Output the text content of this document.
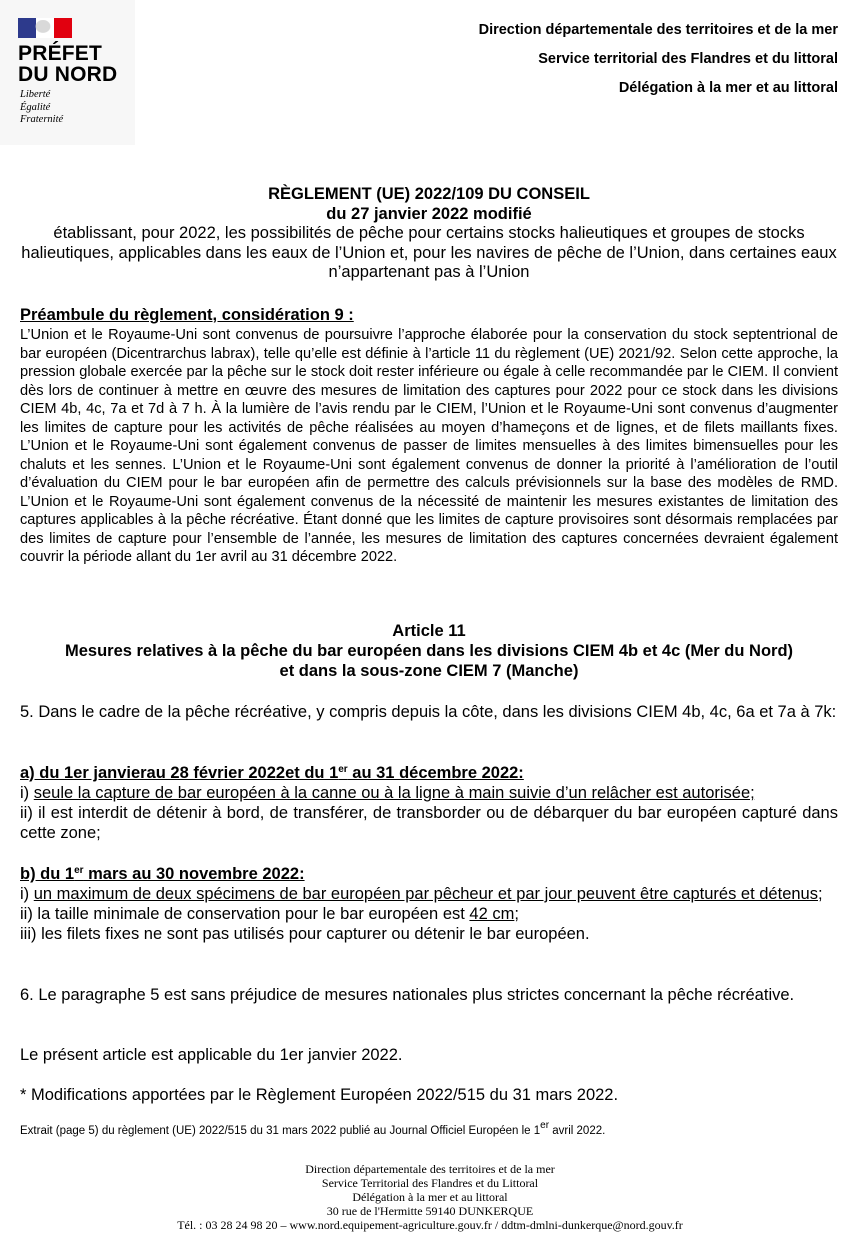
PRÉFET
DU NORD
Liberté
Égalité
Fraternité
Direction départementale des territoires et de la mer
Service territorial des Flandres et du littoral
Délégation à la mer et au littoral
RÈGLEMENT (UE) 2022/109 DU CONSEIL
du 27 janvier 2022 modifié
établissant, pour 2022, les possibilités de pêche pour certains stocks halieutiques et groupes de stocks halieutiques, applicables dans les eaux de l’Union et, pour les navires de pêche de l’Union, dans certaines eaux n’appartenant pas à l’Union
Préambule du règlement, considération 9 :
L’Union et le Royaume-Uni sont convenus de poursuivre l’approche élaborée pour la conservation du stock septentrional de bar européen (Dicentrarchus labrax), telle qu’elle est définie à l’article 11 du règlement (UE) 2021/92. Selon cette approche, la pression globale exercée par la pêche sur le stock doit rester inférieure ou égale à celle recommandée par le CIEM. Il convient dès lors de continuer à mettre en œuvre des mesures de limitation des captures pour 2022 pour ce stock dans les divisions CIEM 4b, 4c, 7a et 7d à 7 h. À la lumière de l’avis rendu par le CIEM, l’Union et le Royaume-Uni sont convenus d’augmenter les limites de capture pour les activités de pêche réalisées au moyen d’hameçons et de lignes, et de filets maillants fixes. L’Union et le Royaume-Uni sont également convenus de passer de limites mensuelles à des limites bimensuelles pour les chaluts et les sennes. L’Union et le Royaume-Uni sont également convenus de donner la priorité à l’amélioration de l’outil d’évaluation du CIEM pour le bar européen afin de permettre des calculs prévisionnels sur la base des modèles de RMD. L’Union et le Royaume-Uni sont également convenus de la nécessité de maintenir les mesures existantes de limitation des captures applicables à la pêche récréative. Étant donné que les limites de capture provisoires sont désormais remplacées par des limites de capture pour l’ensemble de l’année, les mesures de limitation des captures concernées devraient également couvrir la période allant du 1er avril au 31 décembre 2022.
Article 11
Mesures relatives à la pêche du bar européen dans les divisions CIEM 4b et 4c (Mer du Nord)
et dans la sous-zone CIEM 7 (Manche)
5. Dans le cadre de la pêche récréative, y compris depuis la côte, dans les divisions CIEM 4b, 4c, 6a et 7a à 7k:
a) du 1er janvierau 28 février 2022et du 1er au 31 décembre 2022:
i) seule la capture de bar européen à la canne ou à la ligne à main suivie d’un relâcher est autorisée;
ii) il est interdit de détenir à bord, de transférer, de transborder ou de débarquer du bar européen capturé dans cette zone;
b) du 1er mars au 30 novembre 2022:
i) un maximum de deux spécimens de bar européen par pêcheur et par jour peuvent être capturés et détenus;
ii) la taille minimale de conservation pour le bar européen est 42 cm;
iii) les filets fixes ne sont pas utilisés pour capturer ou détenir le bar européen.
6. Le paragraphe 5 est sans préjudice de mesures nationales plus strictes concernant la pêche récréative.
Le présent article est applicable du 1er janvier 2022.
* Modifications apportées par le Règlement Européen 2022/515 du 31 mars 2022.
Extrait (page 5) du règlement (UE) 2022/515 du 31 mars 2022 publié au Journal Officiel Européen le 1er avril 2022.
Direction départementale des territoires et de la mer
Service Territorial des Flandres et du Littoral
Délégation à la mer et au littoral
30 rue de l'Hermitte 59140 DUNKERQUE
Tél. : 03 28 24 98 20 – www.nord.equipement-agriculture.gouv.fr / ddtm-dmlni-dunkerque@nord.gouv.fr
